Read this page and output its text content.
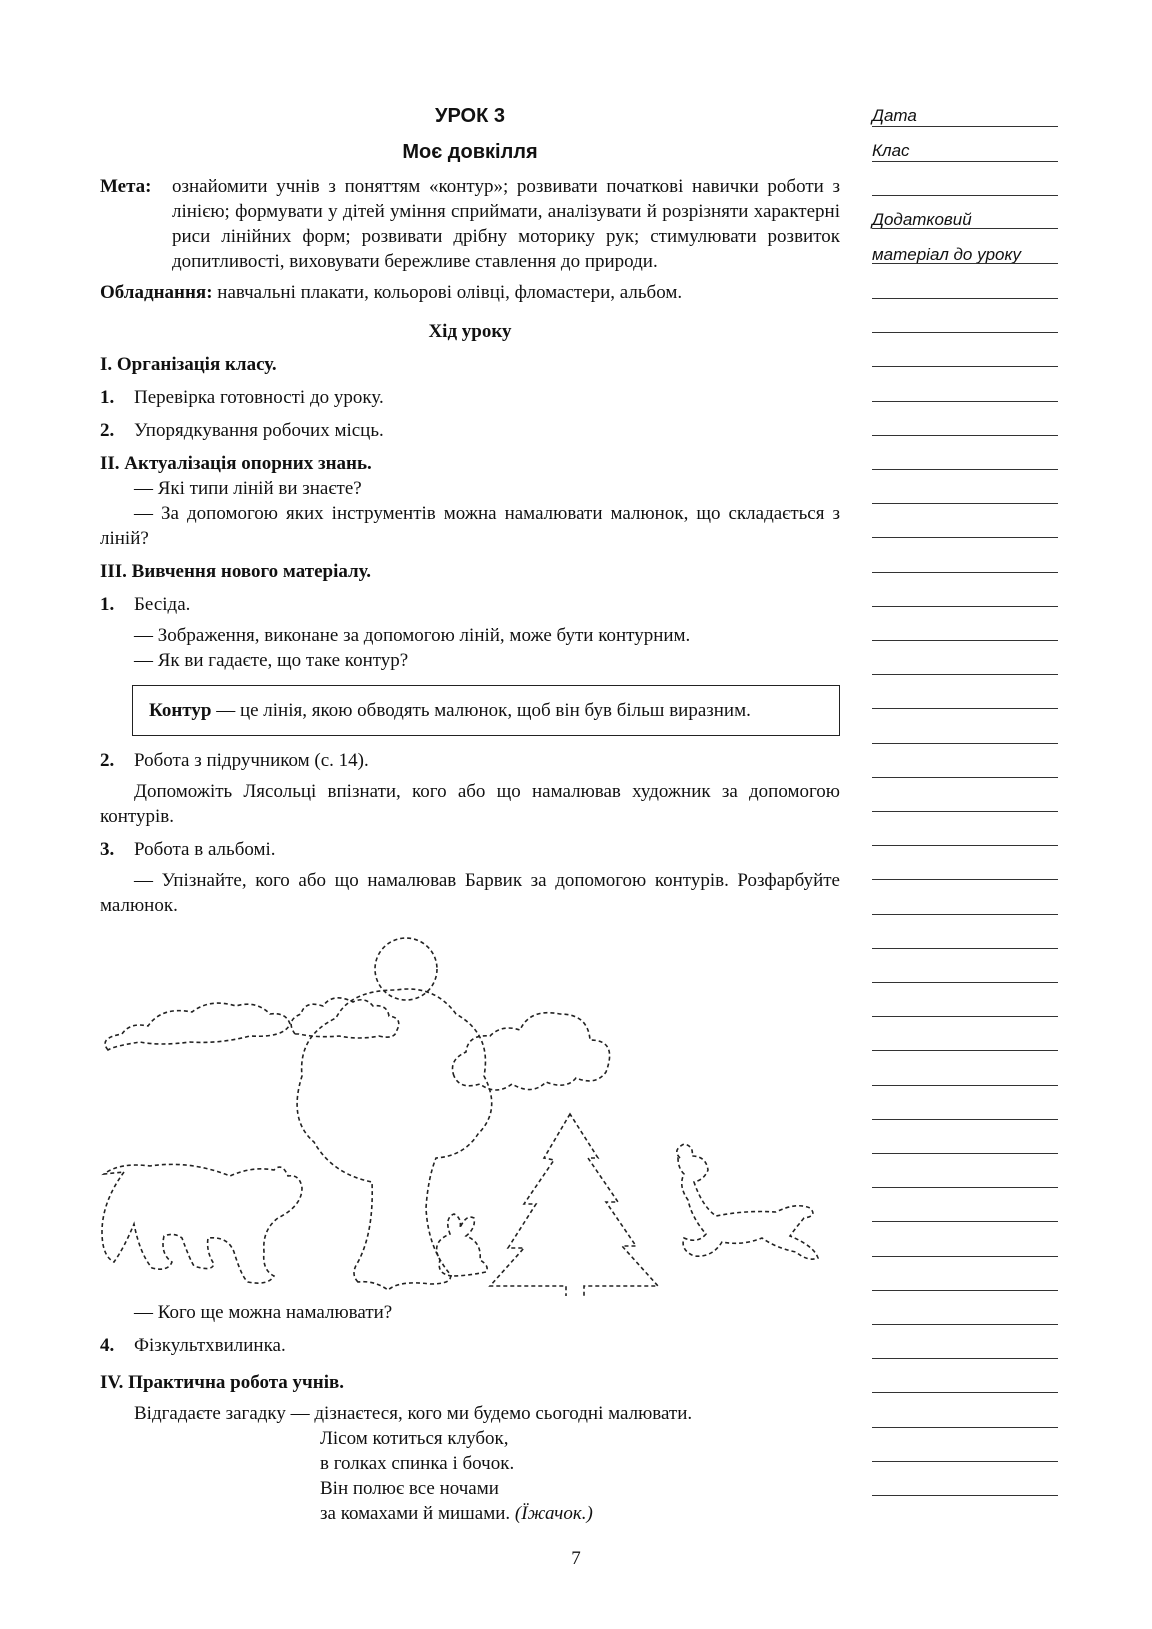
УРОК 3
Моє довкілля
Мета:	ознайомити учнів з поняттям «контур»; розвивати початкові навички роботи з лінією; формувати у дітей уміння сприймати, аналізувати й розрізняти характерні риси лінійних форм; розвивати дрібну моторику рук; стимулювати розвиток допитливості, виховувати бережливе ставлення до природи.
Обладнання: навчальні плакати, кольорові олівці, фломастери, альбом.
Хід уроку
І. Організація класу.
1.	Перевірка готовності до уроку.
2.	Упорядкування робочих місць.
ІІ. Актуалізація опорних знань.
— Які типи ліній ви знаєте?
— За допомогою яких інструментів можна намалювати малюнок, що складається з ліній?
ІІІ. Вивчення нового матеріалу.
1.	Бесіда.
— Зображення, виконане за допомогою ліній, може бути контурним.
— Як ви гадаєте, що таке контур?
Контур — це лінія, якою обводять малюнок, щоб він був більш виразним.
2.	Робота з підручником (с. 14).
Допоможіть Лясольці впізнати, кого або що намалював художник за допомогою контурів.
3.	Робота в альбомі.
— Упізнайте, кого або що намалював Барвик за допомогою контурів. Розфарбуйте малюнок.
— Кого ще можна намалювати?
4.	Фізкультхвилинка.
IV. Практична робота учнів.
Відгадаєте загадку — дізнаєтеся, кого ми будемо сьогодні малювати.
Лісом котиться клубок,
в голках спинка і бочок.
Він полює все ночами
за комахами й мишами. (Їжачок.)
Дата
Клас
Додатковий
матеріал до уроку
7
